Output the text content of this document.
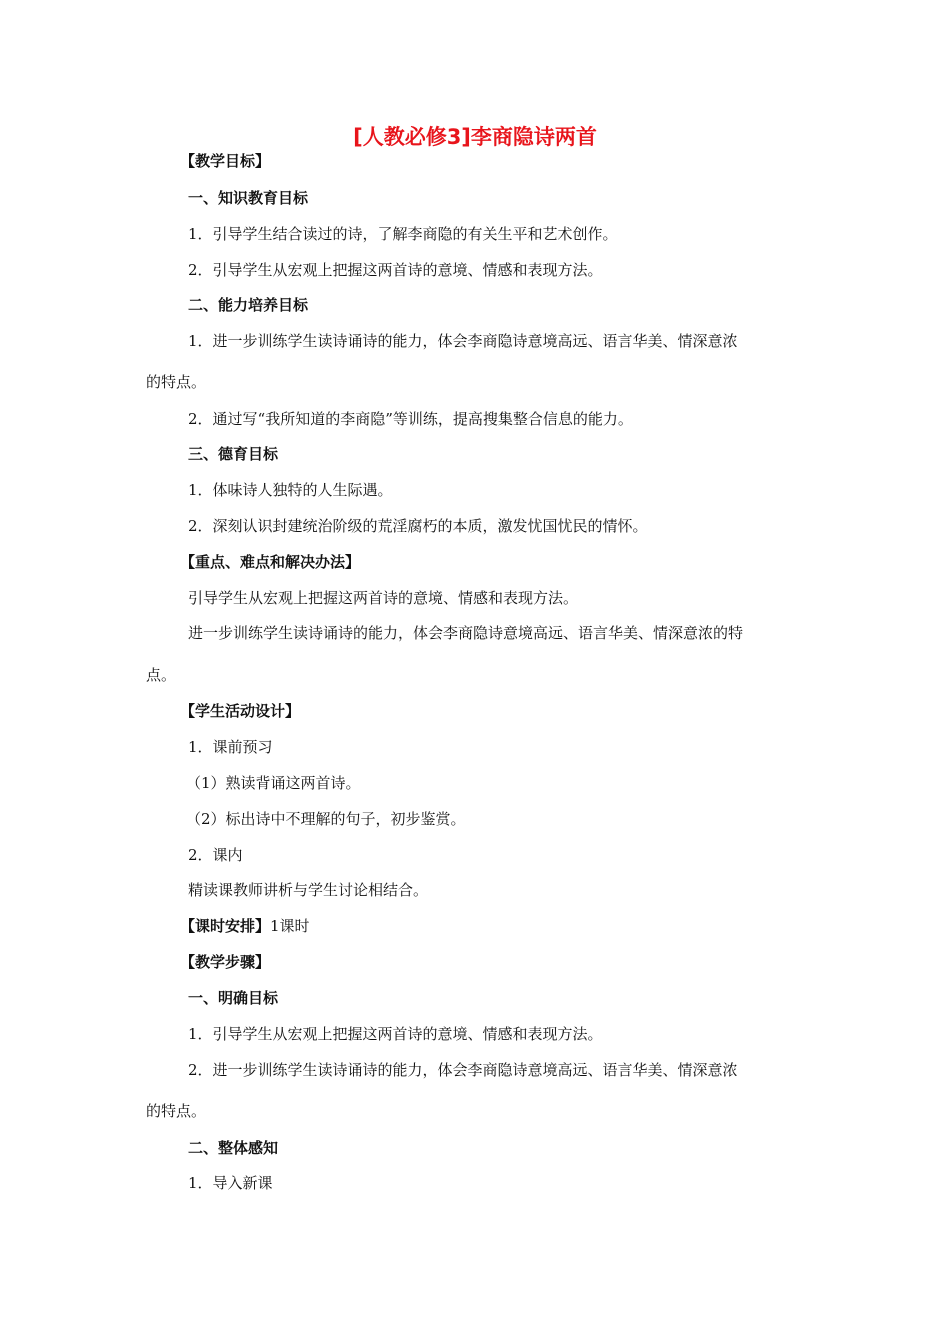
[人教必修3]李商隐诗两首
【教学目标】
一、知识教育目标
1．引导学生结合读过的诗，了解李商隐的有关生平和艺术创作。
2．引导学生从宏观上把握这两首诗的意境、情感和表现方法。
二、能力培养目标
1．进一步训练学生读诗诵诗的能力，体会李商隐诗意境高远、语言华美、情深意浓
的特点。
2．通过写“我所知道的李商隐”等训练，提高搜集整合信息的能力。
三、德育目标
1．体味诗人独特的人生际遇。
2．深刻认识封建统治阶级的荒淫腐朽的本质，激发忧国忧民的情怀。
【重点、难点和解决办法】
引导学生从宏观上把握这两首诗的意境、情感和表现方法。
进一步训练学生读诗诵诗的能力，体会李商隐诗意境高远、语言华美、情深意浓的特
点。
【学生活动设计】
1．课前预习
（1）熟读背诵这两首诗。
（2）标出诗中不理解的句子，初步鉴赏。
2．课内
精读课教师讲析与学生讨论相结合。
【课时安排】1课时
【教学步骤】
一、明确目标
1．引导学生从宏观上把握这两首诗的意境、情感和表现方法。
2．进一步训练学生读诗诵诗的能力，体会李商隐诗意境高远、语言华美、情深意浓
的特点。
二、整体感知
1．导入新课
